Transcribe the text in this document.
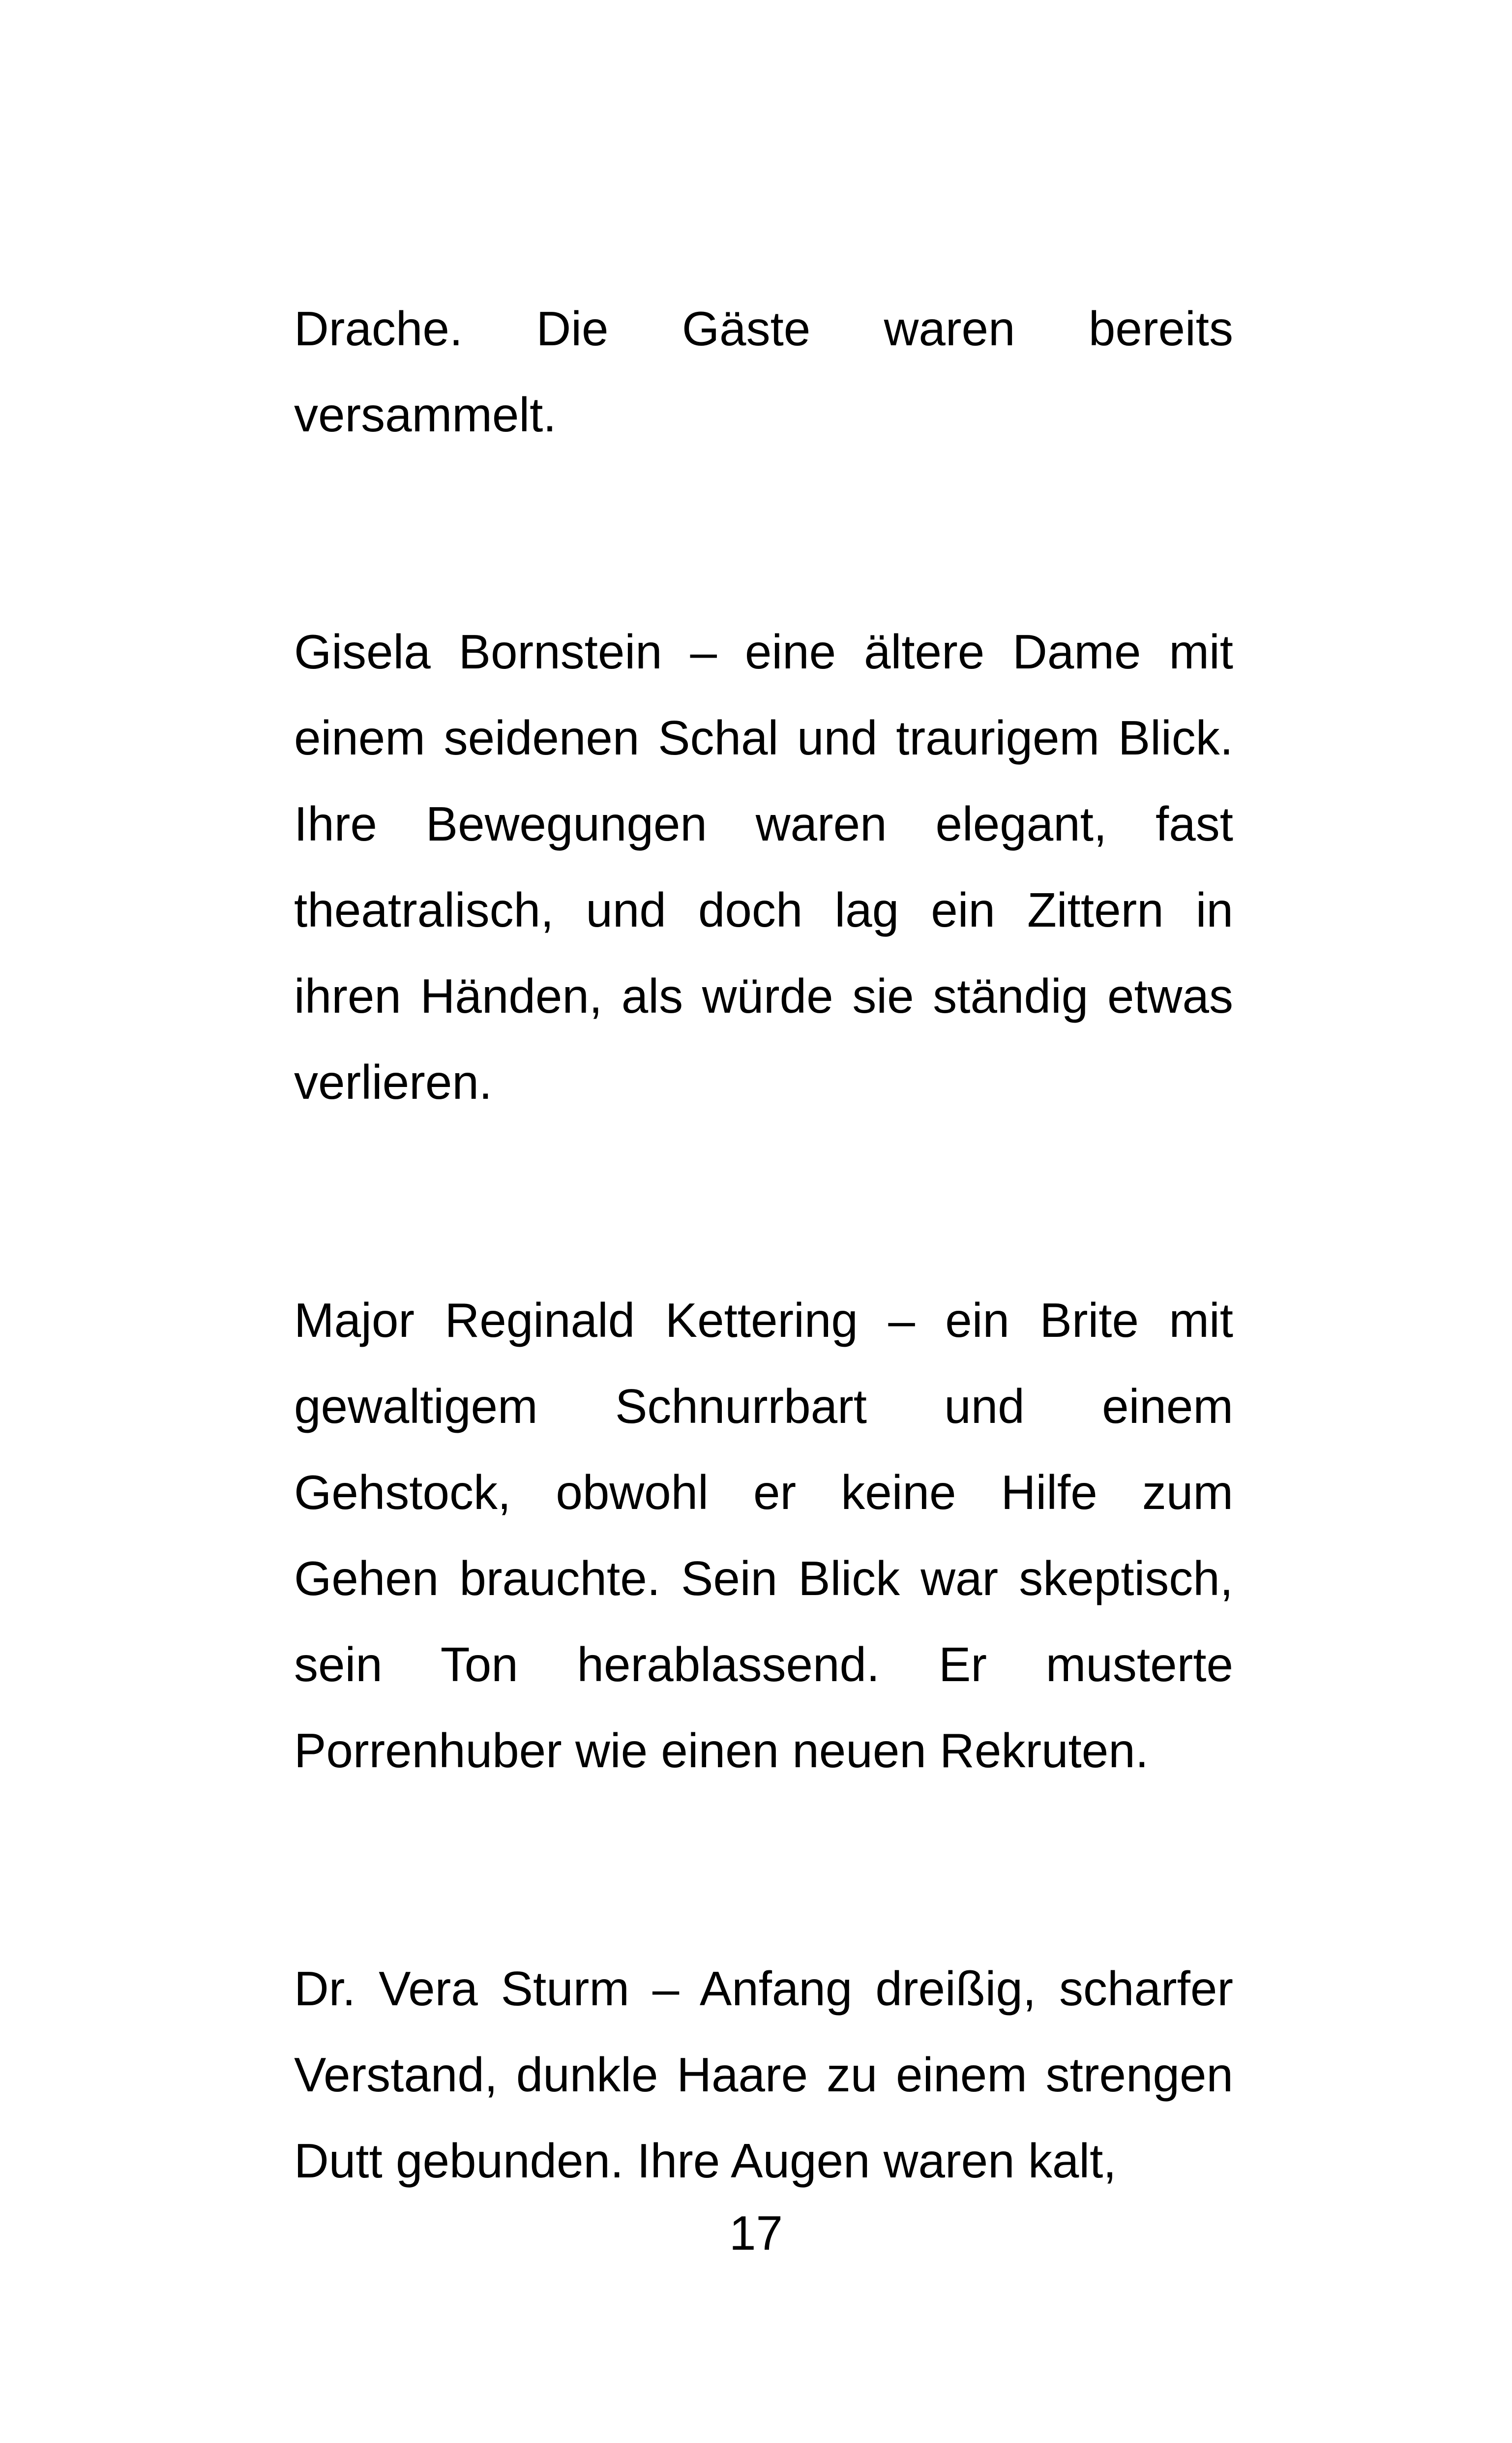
Drache. Die Gäste waren bereits versammelt.

Gisela Bornstein – eine ältere Dame mit einem seidenen Schal und traurigem Blick. Ihre Bewegungen waren elegant, fast theatralisch, und doch lag ein Zittern in ihren Händen, als würde sie ständig etwas verlieren.

Major Reginald Kettering – ein Brite mit gewaltigem Schnurrbart und einem Gehstock, obwohl er keine Hilfe zum Gehen brauchte. Sein Blick war skeptisch, sein Ton herablassend. Er musterte Porrenhuber wie einen neuen Rekruten.

Dr. Vera Sturm – Anfang dreißig, scharfer Verstand, dunkle Haare zu einem strengen Dutt gebunden. Ihre Augen waren kalt,

17
